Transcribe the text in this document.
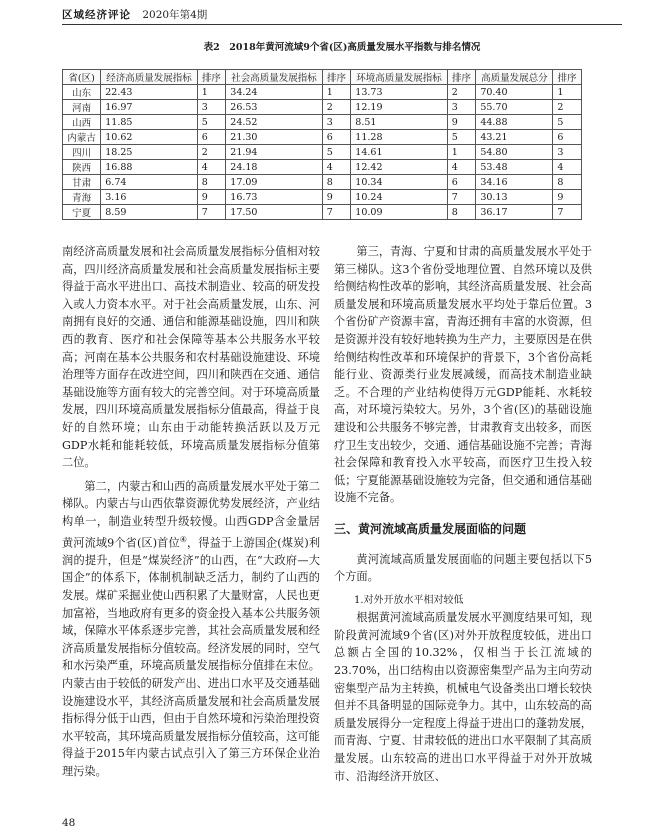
区域经济评论 2020年第4期
表2　2018年黄河流域9个省(区)高质量发展水平指数与排名情况
省(区)	经济高质量发展指标	排序	社会高质量发展指标	排序	环境高质量发展指标	排序	高质量发展总分	排序
山东	22.43	1	34.24	1	13.73	2	70.40	1
河南	16.97	3	26.53	2	12.19	3	55.70	2
山西	11.85	5	24.52	3	8.51	9	44.88	5
内蒙古	10.62	6	21.30	6	11.28	5	43.21	6
四川	18.25	2	21.94	5	14.61	1	54.80	3
陕西	16.88	4	24.18	4	12.42	4	53.48	4
甘肃	6.74	8	17.09	8	10.34	6	34.16	8
青海	3.16	9	16.73	9	10.24	7	30.13	9
宁夏	8.59	7	17.50	7	10.09	8	36.17	7

南经济高质量发展和社会高质量发展指标分值相对较高，四川经济高质量发展和社会高质量发展指标主要得益于高水平进出口、高技术制造业、较高的研发投入或人力资本水平。对于社会高质量发展，山东、河南拥有良好的交通、通信和能源基础设施，四川和陕西的教育、医疗和社会保障等基本公共服务水平较高；河南在基本公共服务和农村基础设施建设、环境治理等方面存在改进空间，四川和陕西在交通、通信基础设施等方面有较大的完善空间。对于环境高质量发展，四川环境高质量发展指标分值最高，得益于良好的自然环境；山东由于动能转换活跃以及万元GDP水耗和能耗较低，环境高质量发展指标分值第二位。

第二，内蒙古和山西的高质量发展水平处于第二梯队。内蒙古与山西依靠资源优势发展经济，产业结构单一，制造业转型升级较慢。山西GDP含金量居黄河流域9个省(区)首位④，得益于上游国企(煤炭)利润的提升，但是“煤炭经济”的山西，在“大政府—大国企”的体系下，体制机制缺乏活力，制约了山西的发展。煤矿采掘业使山西积累了大量财富，人民也更加富裕，当地政府有更多的资金投入基本公共服务领域，保障水平体系逐步完善，其社会高质量发展和经济高质量发展指标分值较高。经济发展的同时，空气和水污染严重，环境高质量发展指标分值排在末位。内蒙古由于较低的研发产出、进出口水平及交通基础设施建设水平，其经济高质量发展和社会高质量发展指标得分低于山西，但由于自然环境和污染治理投资水平较高，其环境高质量发展指标分值较高，这可能得益于2015年内蒙古试点引入了第三方环保企业治理污染。

第三，青海、宁夏和甘肃的高质量发展水平处于第三梯队。这3个省份受地理位置、自然环境以及供给侧结构性改革的影响，其经济高质量发展、社会高质量发展和环境高质量发展水平均处于靠后位置。3个省份矿产资源丰富，青海还拥有丰富的水资源，但是资源并没有较好地转换为生产力，主要原因是在供给侧结构性改革和环境保护的背景下，3个省份高耗能行业、资源类行业发展减缓，而高技术制造业缺乏。不合理的产业结构使得万元GDP能耗、水耗较高，对环境污染较大。另外，3个省(区)的基础设施建设和公共服务不够完善，甘肃教育支出较多，而医疗卫生支出较少，交通、通信基础设施不完善；青海社会保障和教育投入水平较高，而医疗卫生投入较低；宁夏能源基础设施较为完备，但交通和通信基础设施不完备。

三、黄河流域高质量发展面临的问题

黄河流域高质量发展面临的问题主要包括以下5个方面。

1.对外开放水平相对较低

根据黄河流域高质量发展水平测度结果可知，现阶段黄河流域9个省(区)对外开放程度较低，进出口总额占全国的10.32%，仅相当于长江流域的23.70%，出口结构由以资源密集型产品为主向劳动密集型产品为主转换，机械电气设备类出口增长较快但并不具备明显的国际竞争力。其中，山东较高的高质量发展得分一定程度上得益于进出口的蓬勃发展，而青海、宁夏、甘肃较低的进出口水平限制了其高质量发展。山东较高的进出口水平得益于对外开放城市、沿海经济开放区、

48
